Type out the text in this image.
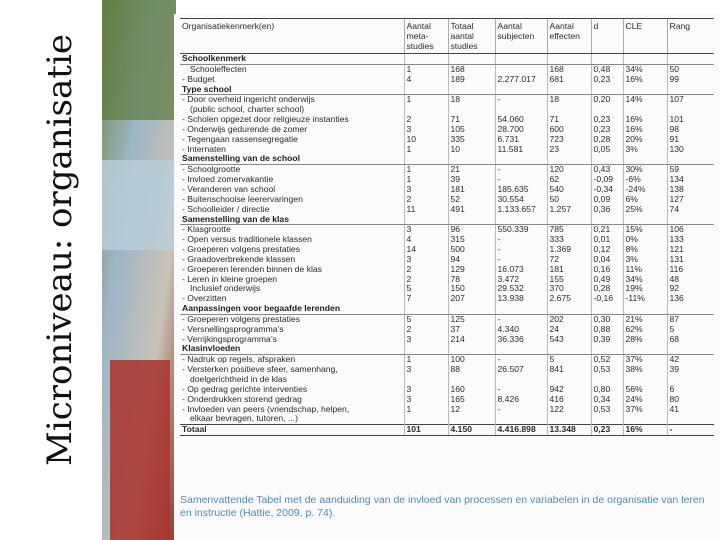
Microniveau: organisatie
Organisatiekenmerk(en)	Aantal meta-studies	Totaal aantal studies	Aantal subjecten	Aantal effecten	d	CLE	Rang
Schoolkenmerk							
Schooleffecten	1	168		168	0,48	34%	50
- Budget	4	189	2.277.017	681	0,23	16%	99
Type school							
- Door overheid ingericht onderwijs	1	18	-	18	0,20	14%	107
(public school, charter school)							
- Scholen opgezet door religieuze instanties	2	71	54.060	71	0,23	16%	101
- Onderwijs gedurende de zomer	3	105	28.700	600	0,23	16%	98
- Tegengaan rassensegregatie	10	335	6.731	723	0,28	20%	91
- Internaten	1	10	11.581	23	0,05	3%	130
Samenstelling van de school							
- Schoolgrootte	1	21	-	120	0,43	30%	59
- Invloed zomervakantie	1	39	-	62	-0,09	-6%	134
- Veranderen van school	3	181	185.635	540	-0,34	-24%	138
- Buitenschoolse leerervaringen	2	52	30.554	50	0,09	6%	127
- Schoolleider / directie	11	491	1.133.657	1.257	0,36	25%	74
Samenstelling van de klas							
- Klasgrootte	3	96	550.339	785	0,21	15%	106
- Open versus traditionele klassen	4	315	-	333	0,01	0%	133
- Groeperen volgens prestaties	14	500	-	1.369	0,12	8%	121
- Graadoverbrekende klassen	3	94	-	72	0,04	3%	131
- Groeperen lerenden binnen de klas	2	129	16.073	181	0,16	11%	116
- Leren in kleine groepen	2	78	3.472	155	0,49	34%	48
Inclusief onderwijs	5	150	29.532	370	0,28	19%	92
- Overzitten	7	207	13.938	2.675	-0,16	-11%	136
Aanpassingen voor begaafde lerenden							
- Groeperen volgens prestaties	5	125	-	202	0,30	21%	87
- Versnellingsprogramma’s	2	37	4.340	24	0,88	62%	5
- Verrijkingsprogramma’s	3	214	36.336	543	0,39	28%	68
Klasinvloeden							
- Nadruk op regels, afspraken	1	100	-	5	0,52	37%	42
- Versterken positieve sfeer, samenhang,	3	88	26.507	841	0,53	38%	39
doelgerichtheid in de klas							
- Op gedrag gerichte interventies	3	160	-	942	0,80	56%	6
- Onderdrukken storend gedrag	3	165	8.426	416	0,34	24%	80
- Invloeden van peers (vriendschap, helpen,	1	12	-	122	0,53	37%	41
elkaar bevragen, tutoren, ...)							
Totaal	101	4.150	4.416.898	13.348	0,23	16%	-
Samenvattende Tabel met de aanduiding van de invloed van processen en variabelen in de organisatie van leren en instructie (Hattie, 2009, p. 74).
